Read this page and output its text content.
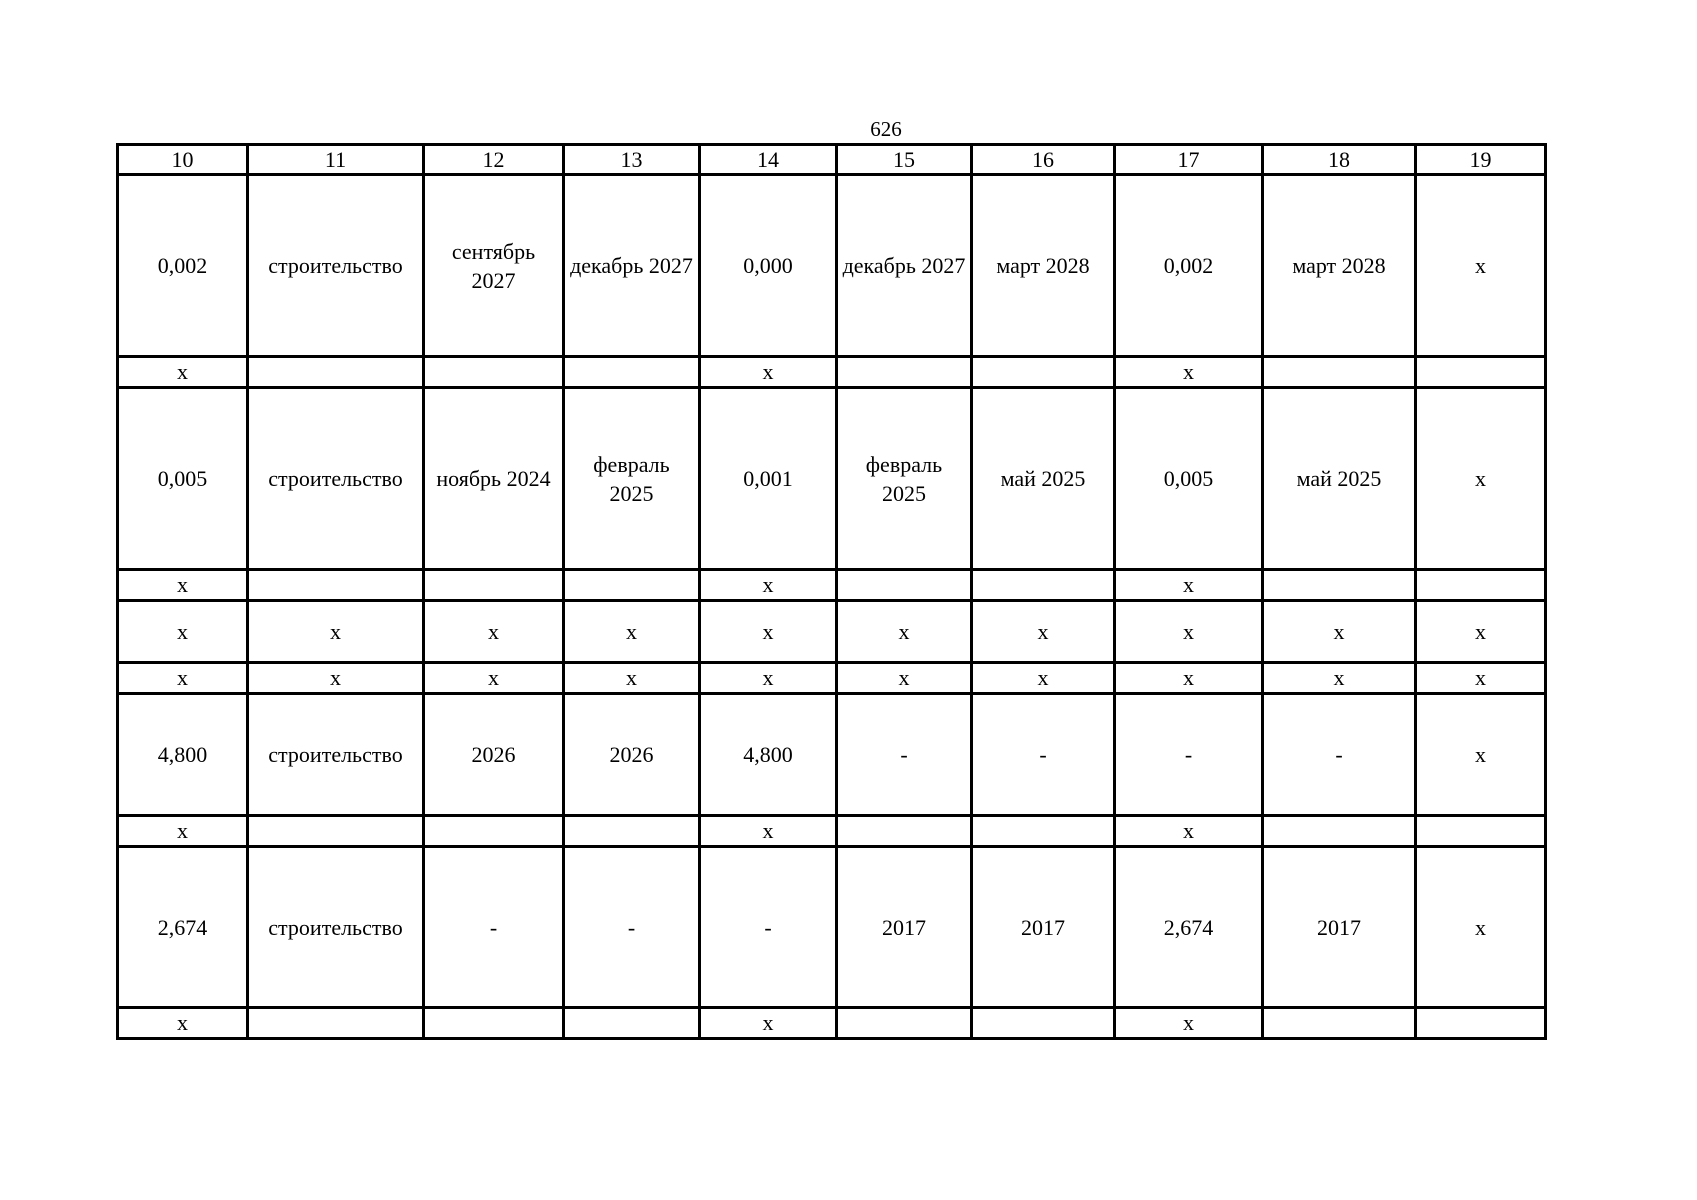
626
10	11	12	13	14	15	16	17	18	19
0,002	строительство	сентябрь 2027	декабрь 2027	0,000	декабрь 2027	март 2028	0,002	март 2028	х
х				х			х		
0,005	строительство	ноябрь 2024	февраль 2025	0,001	февраль 2025	май 2025	0,005	май 2025	х
х				х			х		
х	х	х	х	х	х	х	х	х	х
х	х	х	х	х	х	х	х	х	х
4,800	строительство	2026	2026	4,800	-	-	-	-	х
х				х			х		
2,674	строительство	-	-	-	2017	2017	2,674	2017	х
х				х			х		
